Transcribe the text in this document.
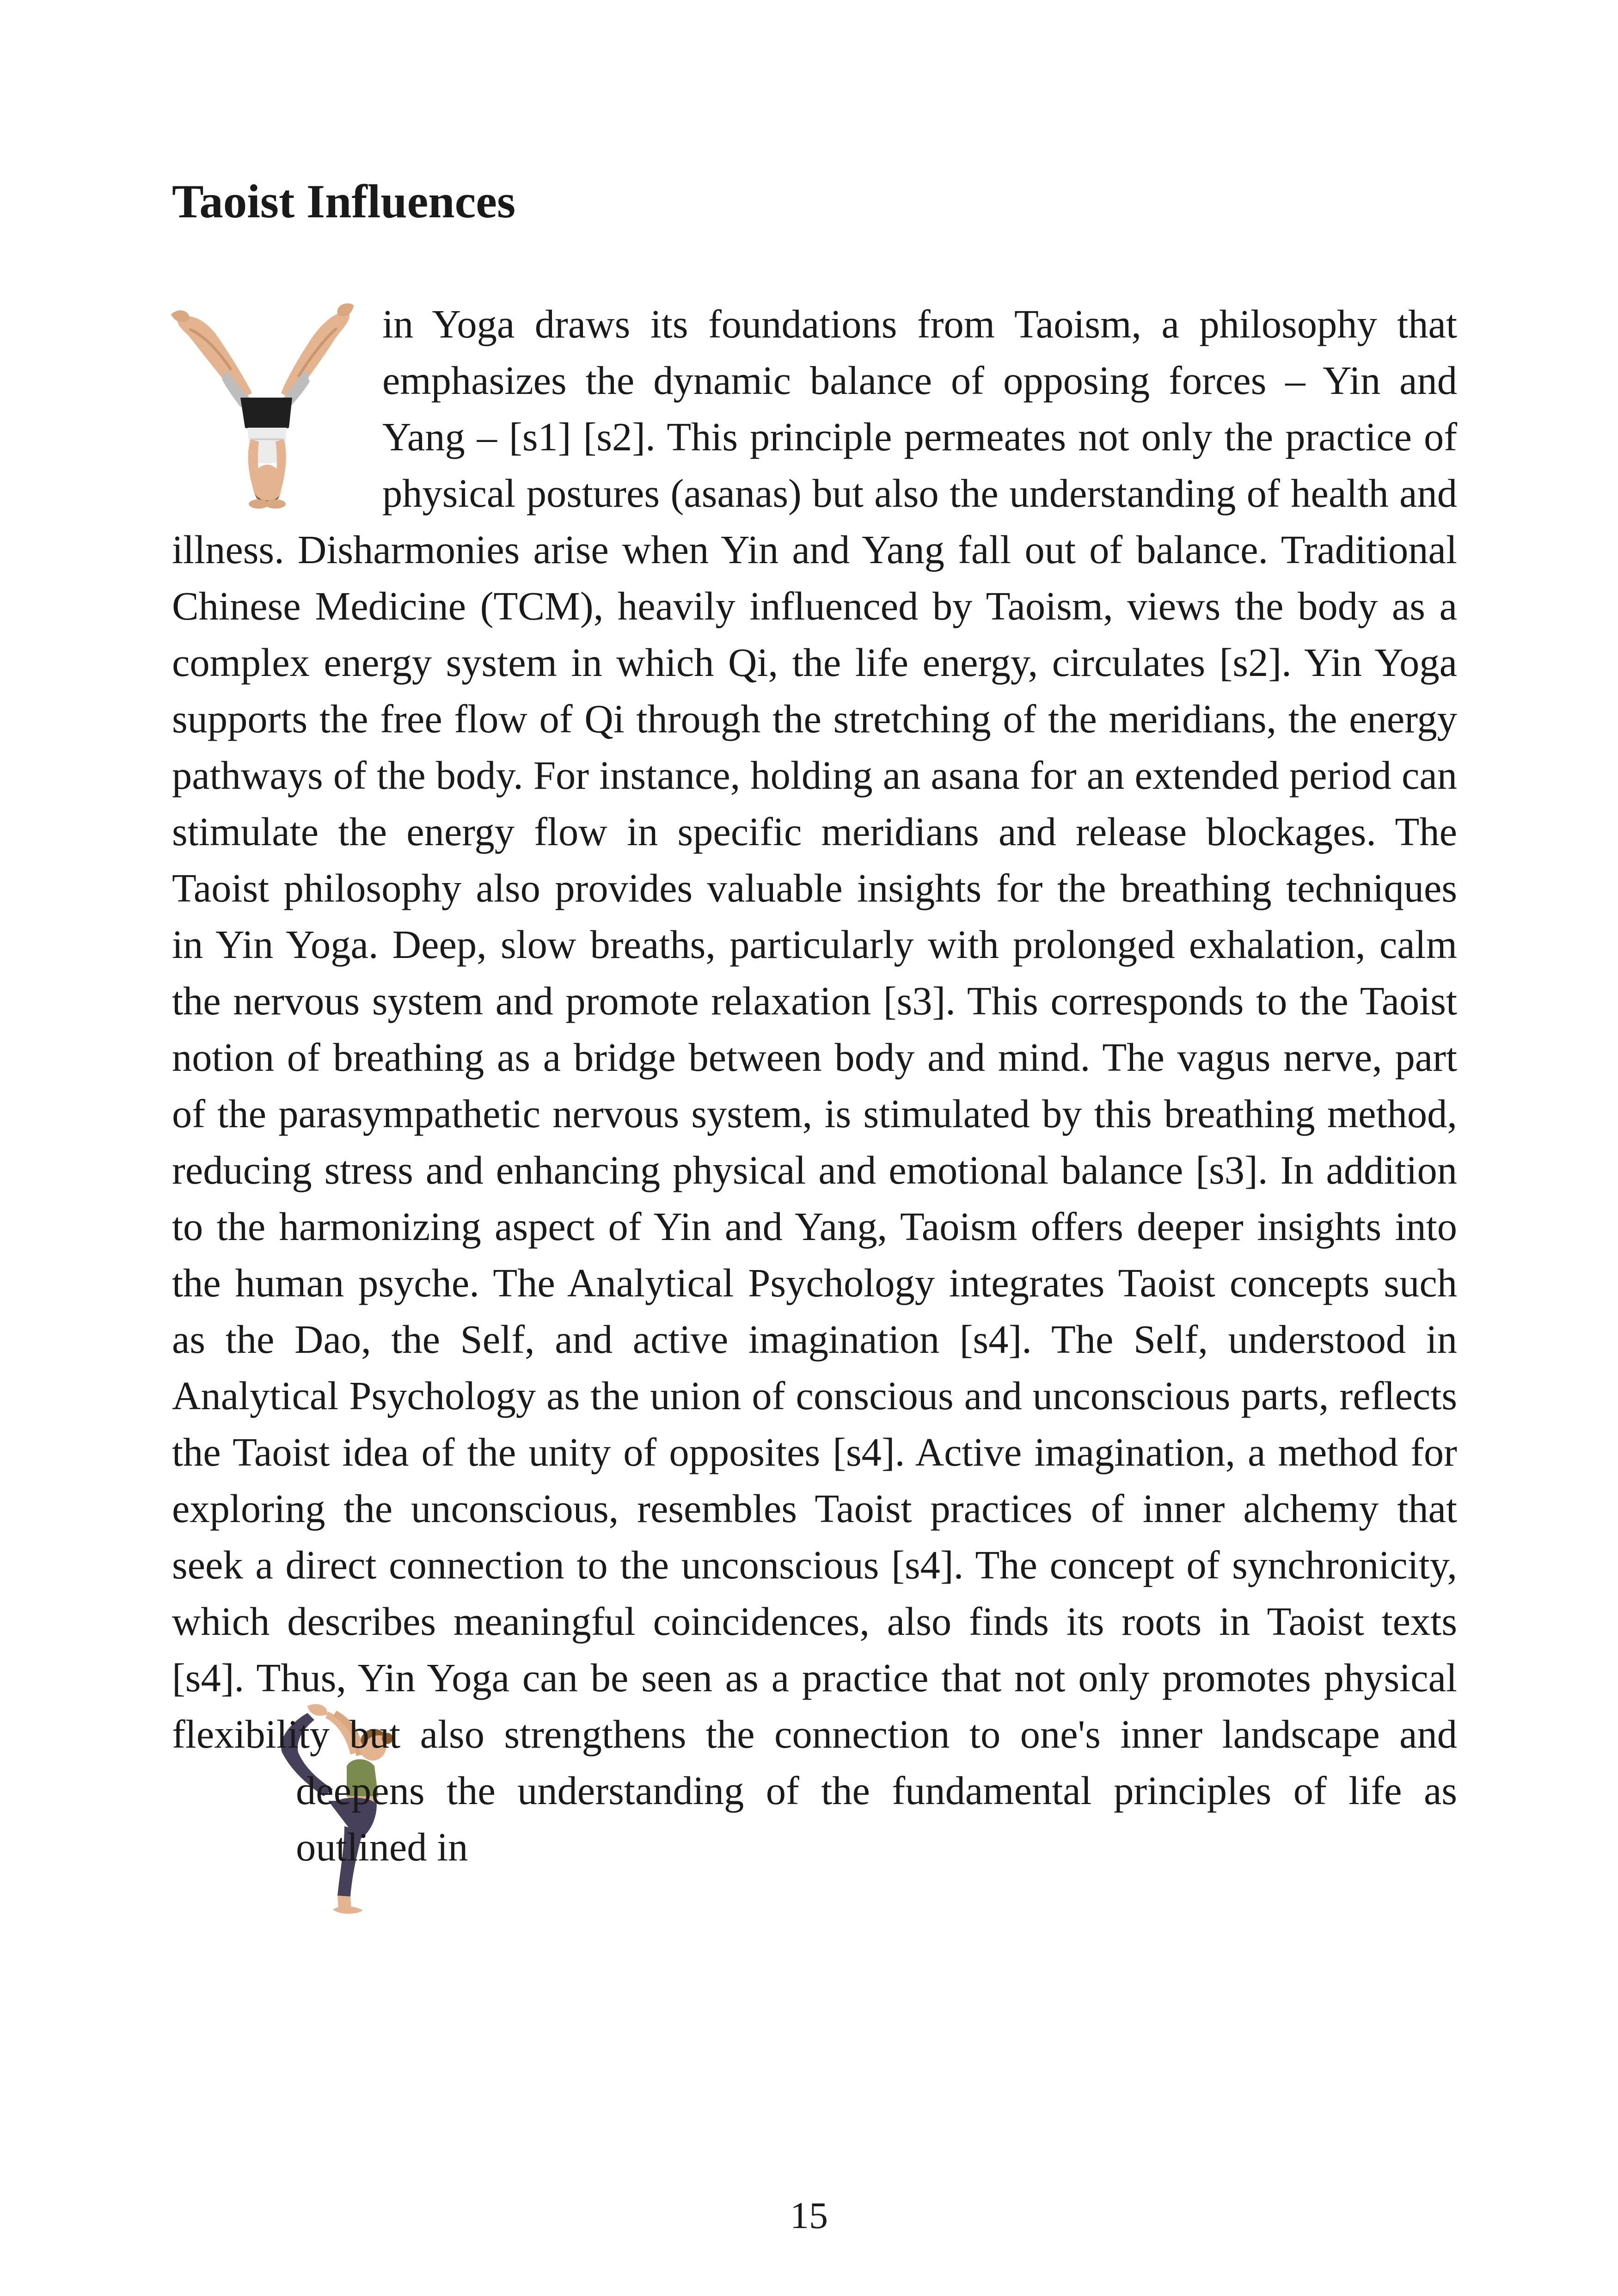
Taoist Influences

in Yoga draws its foundations from Taoism, a philosophy that emphasizes the dynamic balance of opposing forces – Yin and Yang – [s1] [s2]. This principle permeates not only the practice of physical postures (asanas) but also the understanding of health and illness. Disharmonies arise when Yin and Yang fall out of balance. Traditional Chinese Medicine (TCM), heavily influenced by Taoism, views the body as a complex energy system in which Qi, the life energy, circulates [s2]. Yin Yoga supports the free flow of Qi through the stretching of the meridians, the energy pathways of the body. For instance, holding an asana for an extended period can stimulate the energy flow in specific meridians and release blockages. The Taoist philosophy also provides valuable insights for the breathing techniques in Yin Yoga. Deep, slow breaths, particularly with prolonged exhalation, calm the nervous system and promote relaxation [s3]. This corresponds to the Taoist notion of breathing as a bridge between body and mind. The vagus nerve, part of the parasympathetic nervous system, is stimulated by this breathing method, reducing stress and enhancing physical and emotional balance [s3]. In addition to the harmonizing aspect of Yin and Yang, Taoism offers deeper insights into the human psyche. The Analytical Psychology integrates Taoist concepts such as the Dao, the Self, and active imagination [s4]. The Self, understood in Analytical Psychology as the union of conscious and unconscious parts, reflects the Taoist idea of the unity of opposites [s4]. Active imagination, a method for exploring the unconscious, resembles Taoist practices of inner alchemy that seek a direct connection to the unconscious [s4]. The concept of synchronicity, which describes meaningful coincidences, also finds its roots in Taoist texts [s4]. Thus, Yin Yoga can be seen as a practice that not only promotes physical flexibility but also strengthens the connection to one's inner landscape and deepens the understanding of the fundamental principles of life as outlined in

15
